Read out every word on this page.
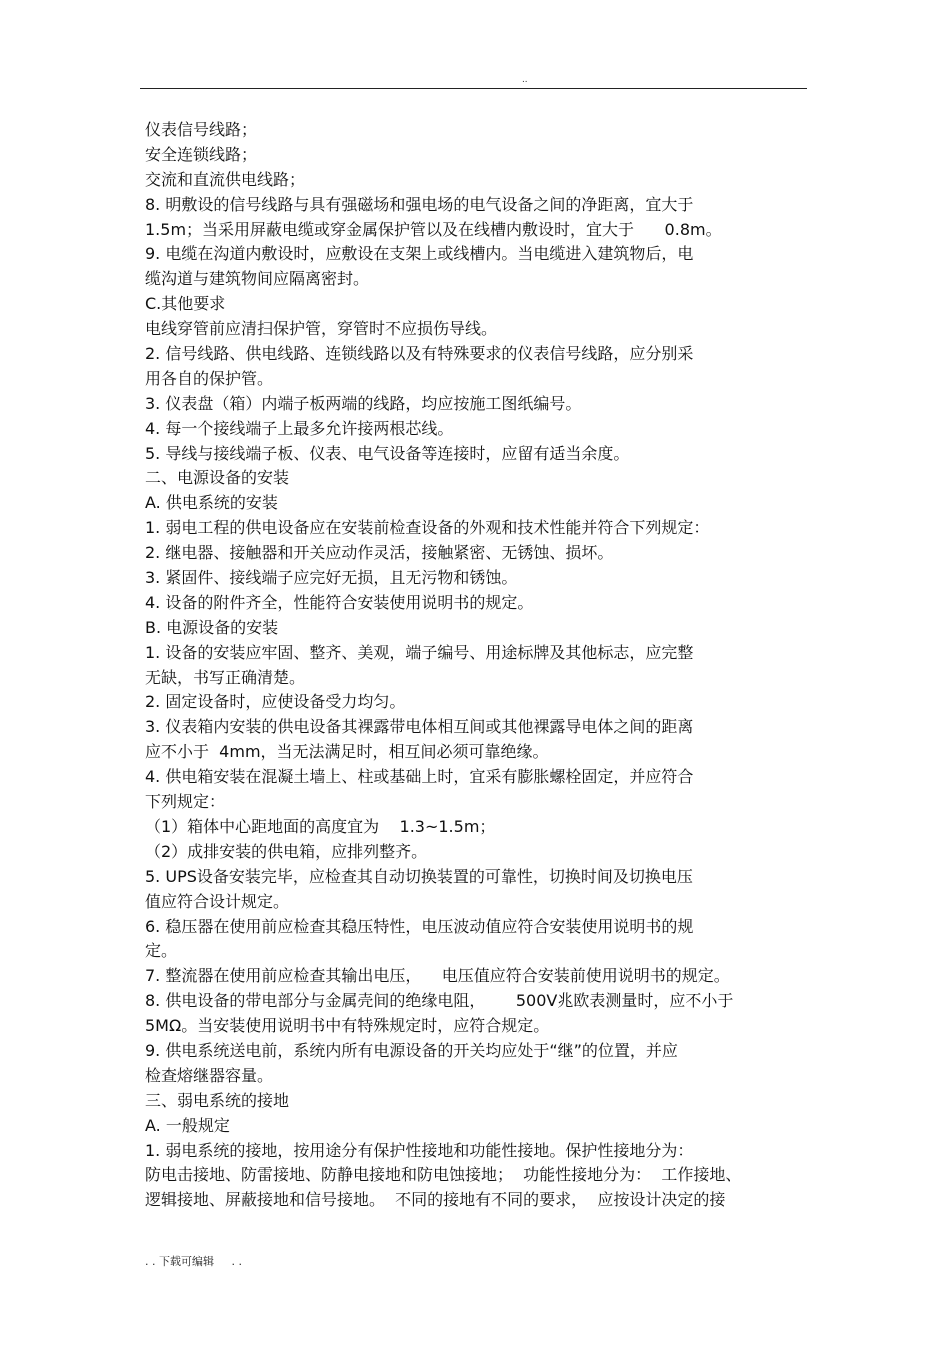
..
仪表信号线路；
安全连锁线路；
交流和直流供电线路；
8. 明敷设的信号线路与具有强磁场和强电场的电气设备之间的净距离，宜大于
1.5m；当采用屏蔽电缆或穿金属保护管以及在线槽内敷设时，宜大于      0.8m。
9. 电缆在沟道内敷设时，应敷设在支架上或线槽内。当电缆进入建筑物后，电
缆沟道与建筑物间应隔离密封。
C.其他要求
电线穿管前应清扫保护管，穿管时不应损伤导线。
2. 信号线路、供电线路、连锁线路以及有特殊要求的仪表信号线路，应分别采
用各自的保护管。
3. 仪表盘（箱）内端子板两端的线路，均应按施工图纸编号。
4. 每一个接线端子上最多允许接两根芯线。
5. 导线与接线端子板、仪表、电气设备等连接时，应留有适当余度。
二、电源设备的安装
A. 供电系统的安装
1. 弱电工程的供电设备应在安装前检查设备的外观和技术性能并符合下列规定：
2. 继电器、接触器和开关应动作灵活，接触紧密、无锈蚀、损坏。
3. 紧固件、接线端子应完好无损，且无污物和锈蚀。
4. 设备的附件齐全，性能符合安装使用说明书的规定。
B. 电源设备的安装
1. 设备的安装应牢固、整齐、美观，端子编号、用途标牌及其他标志，应完整
无缺，书写正确清楚。
2. 固定设备时，应使设备受力均匀。
3. 仪表箱内安装的供电设备其裸露带电体相互间或其他裸露导电体之间的距离
应不小于  4mm，当无法满足时，相互间必须可靠绝缘。
4. 供电箱安装在混凝土墙上、柱或基础上时，宜采有膨胀螺栓固定，并应符合
下列规定：
（1）箱体中心距地面的高度宜为    1.3~1.5m；
（2）成排安装的供电箱，应排列整齐。
5. UPS设备安装完毕，应检查其自动切换装置的可靠性，切换时间及切换电压
值应符合设计规定。
6. 稳压器在使用前应检查其稳压特性，电压波动值应符合安装使用说明书的规
定。
7. 整流器在使用前应检查其输出电压，    电压值应符合安装前使用说明书的规定。
8. 供电设备的带电部分与金属壳间的绝缘电阻，      500V兆欧表测量时，应不小于
5MΩ。当安装使用说明书中有特殊规定时，应符合规定。
9. 供电系统送电前，系统内所有电源设备的开关均应处于“继”的位置，并应
检查熔继器容量。
三、弱电系统的接地
A. 一般规定
1. 弱电系统的接地，按用途分有保护性接地和功能性接地。保护性接地分为：
防电击接地、防雷接地、防静电接地和防电蚀接地；  功能性接地分为：  工作接地、
逻辑接地、屏蔽接地和信号接地。  不同的接地有不同的要求，  应按设计决定的接
. . 下载可编辑     . .
